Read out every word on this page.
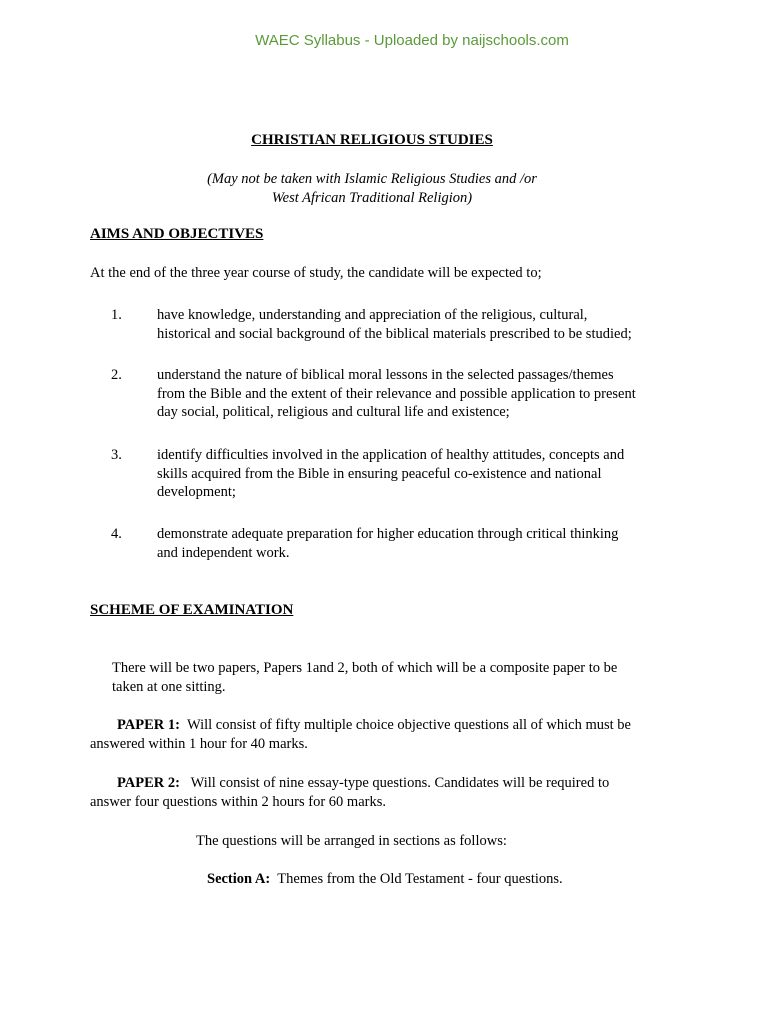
WAEC Syllabus - Uploaded by naijschools.com
CHRISTIAN RELIGIOUS STUDIES
(May not be taken with Islamic Religious Studies and /or
West African Traditional Religion)
AIMS AND OBJECTIVES
At the end of the three year course of study, the candidate will be expected to;
1.	have knowledge, understanding and appreciation of the religious, cultural,
historical and social background of the biblical materials prescribed to be studied;
2.	understand the nature of biblical moral lessons in the selected passages/themes
from the Bible and the extent of their relevance and possible application to present
day social, political, religious and cultural life and existence;
3.	identify difficulties involved in the application of healthy attitudes, concepts and
skills acquired from the Bible in ensuring peaceful co-existence and national
development;
4.	demonstrate adequate preparation for higher education through critical thinking
and independent work.
SCHEME OF EXAMINATION
There will be two papers, Papers 1and 2, both of which will be a composite paper to be
taken at one sitting.
PAPER 1: Will consist of fifty multiple choice objective questions all of which must be
answered within 1 hour for 40 marks.
PAPER 2: Will consist of nine essay-type questions. Candidates will be required to
answer four questions within 2 hours for 60 marks.
The questions will be arranged in sections as follows:
Section A: Themes from the Old Testament - four questions.
